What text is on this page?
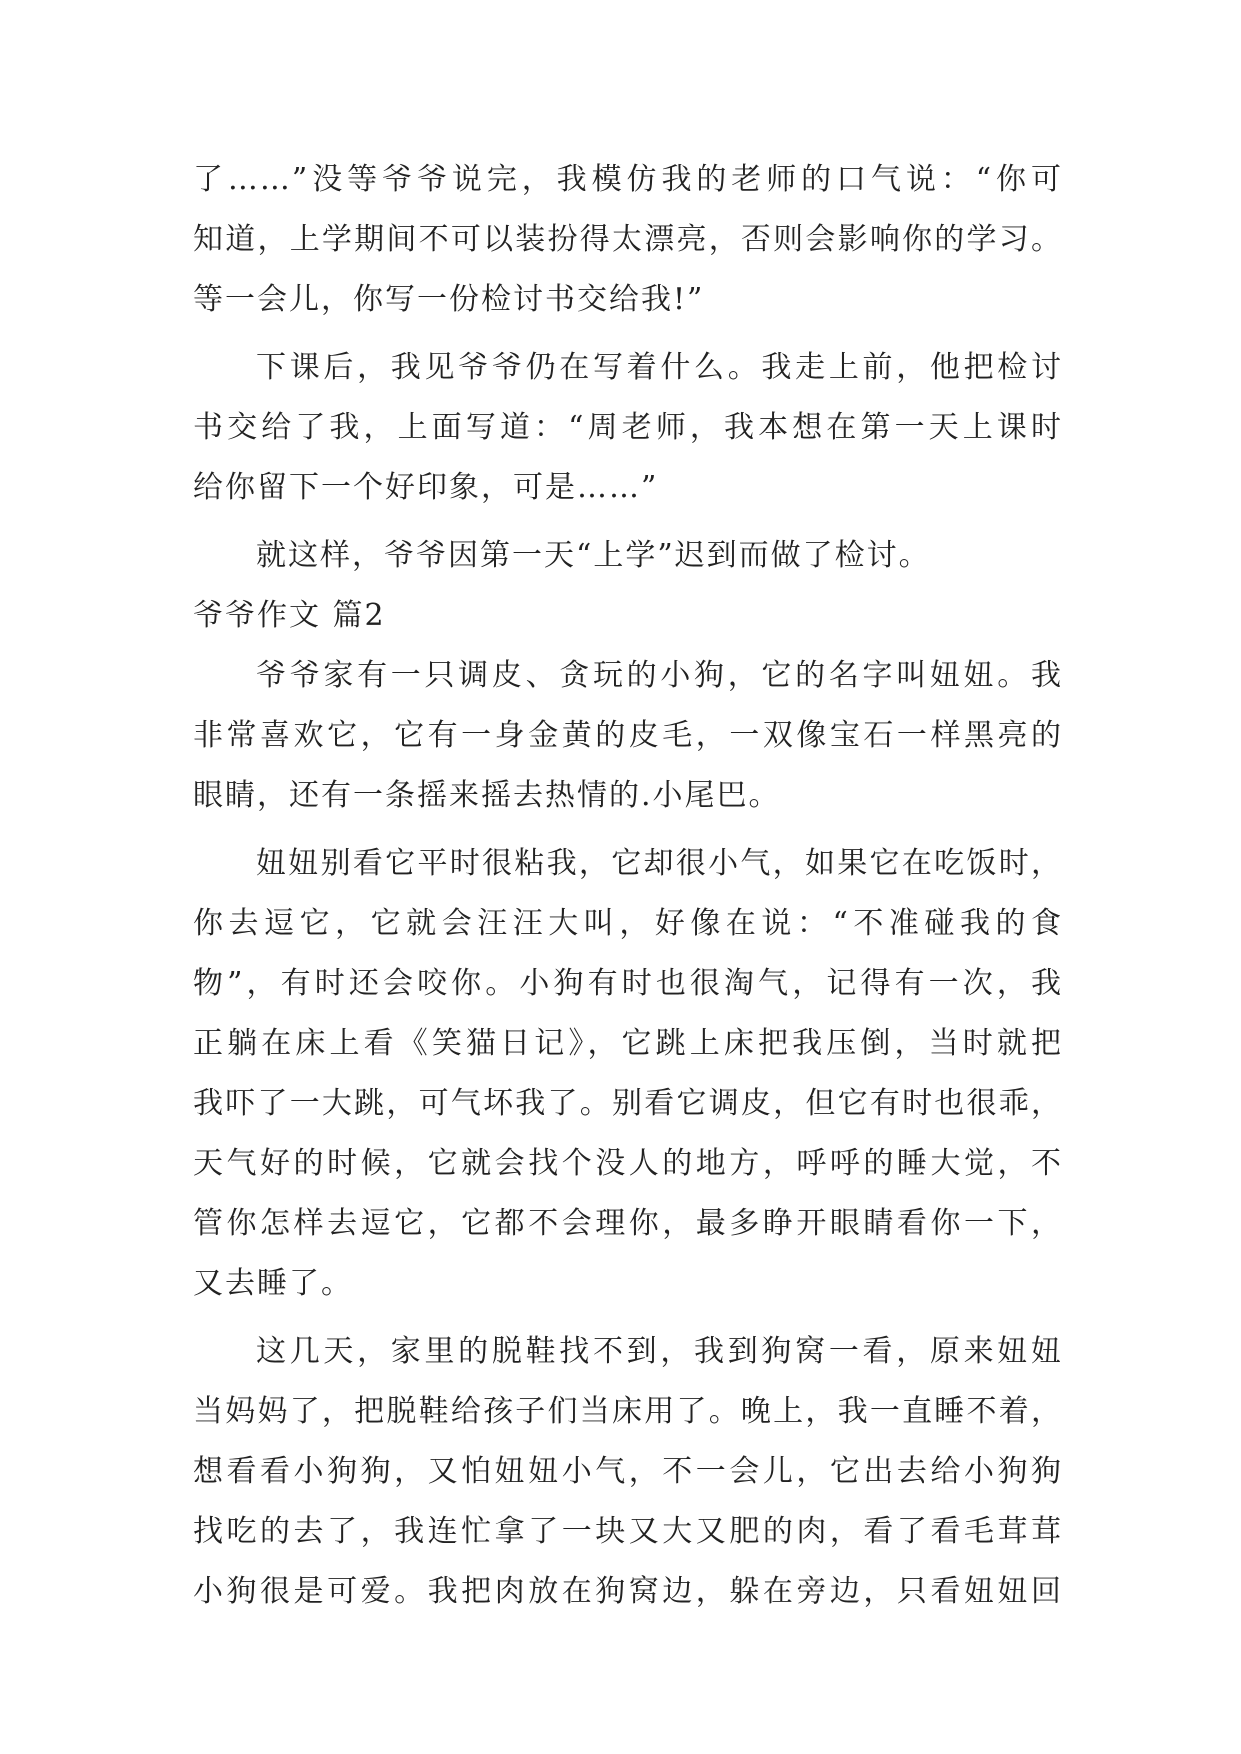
了……”没等爷爷说完，我模仿我的老师的口气说：“你可
知道，上学期间不可以装扮得太漂亮，否则会影响你的学习。
等一会儿，你写一份检讨书交给我!”
下课后，我见爷爷仍在写着什么。我走上前，他把检讨
书交给了我，上面写道：“周老师，我本想在第一天上课时
给你留下一个好印象，可是……”
就这样，爷爷因第一天“上学”迟到而做了检讨。
爷爷作文 篇2
爷爷家有一只调皮、贪玩的小狗，它的名字叫妞妞。我
非常喜欢它，它有一身金黄的皮毛，一双像宝石一样黑亮的
眼睛，还有一条摇来摇去热情的.小尾巴。
妞妞别看它平时很粘我，它却很小气，如果它在吃饭时，
你去逗它，它就会汪汪大叫，好像在说：“不准碰我的食
物”，有时还会咬你。小狗有时也很淘气，记得有一次，我
正躺在床上看《笑猫日记》，它跳上床把我压倒，当时就把
我吓了一大跳，可气坏我了。别看它调皮，但它有时也很乖，
天气好的时候，它就会找个没人的地方，呼呼的睡大觉，不
管你怎样去逗它，它都不会理你，最多睁开眼睛看你一下，
又去睡了。
这几天，家里的脱鞋找不到，我到狗窝一看，原来妞妞
当妈妈了，把脱鞋给孩子们当床用了。晚上，我一直睡不着，
想看看小狗狗，又怕妞妞小气，不一会儿，它出去给小狗狗
找吃的去了，我连忙拿了一块又大又肥的肉，看了看毛茸茸
小狗很是可爱。我把肉放在狗窝边，躲在旁边，只看妞妞回
